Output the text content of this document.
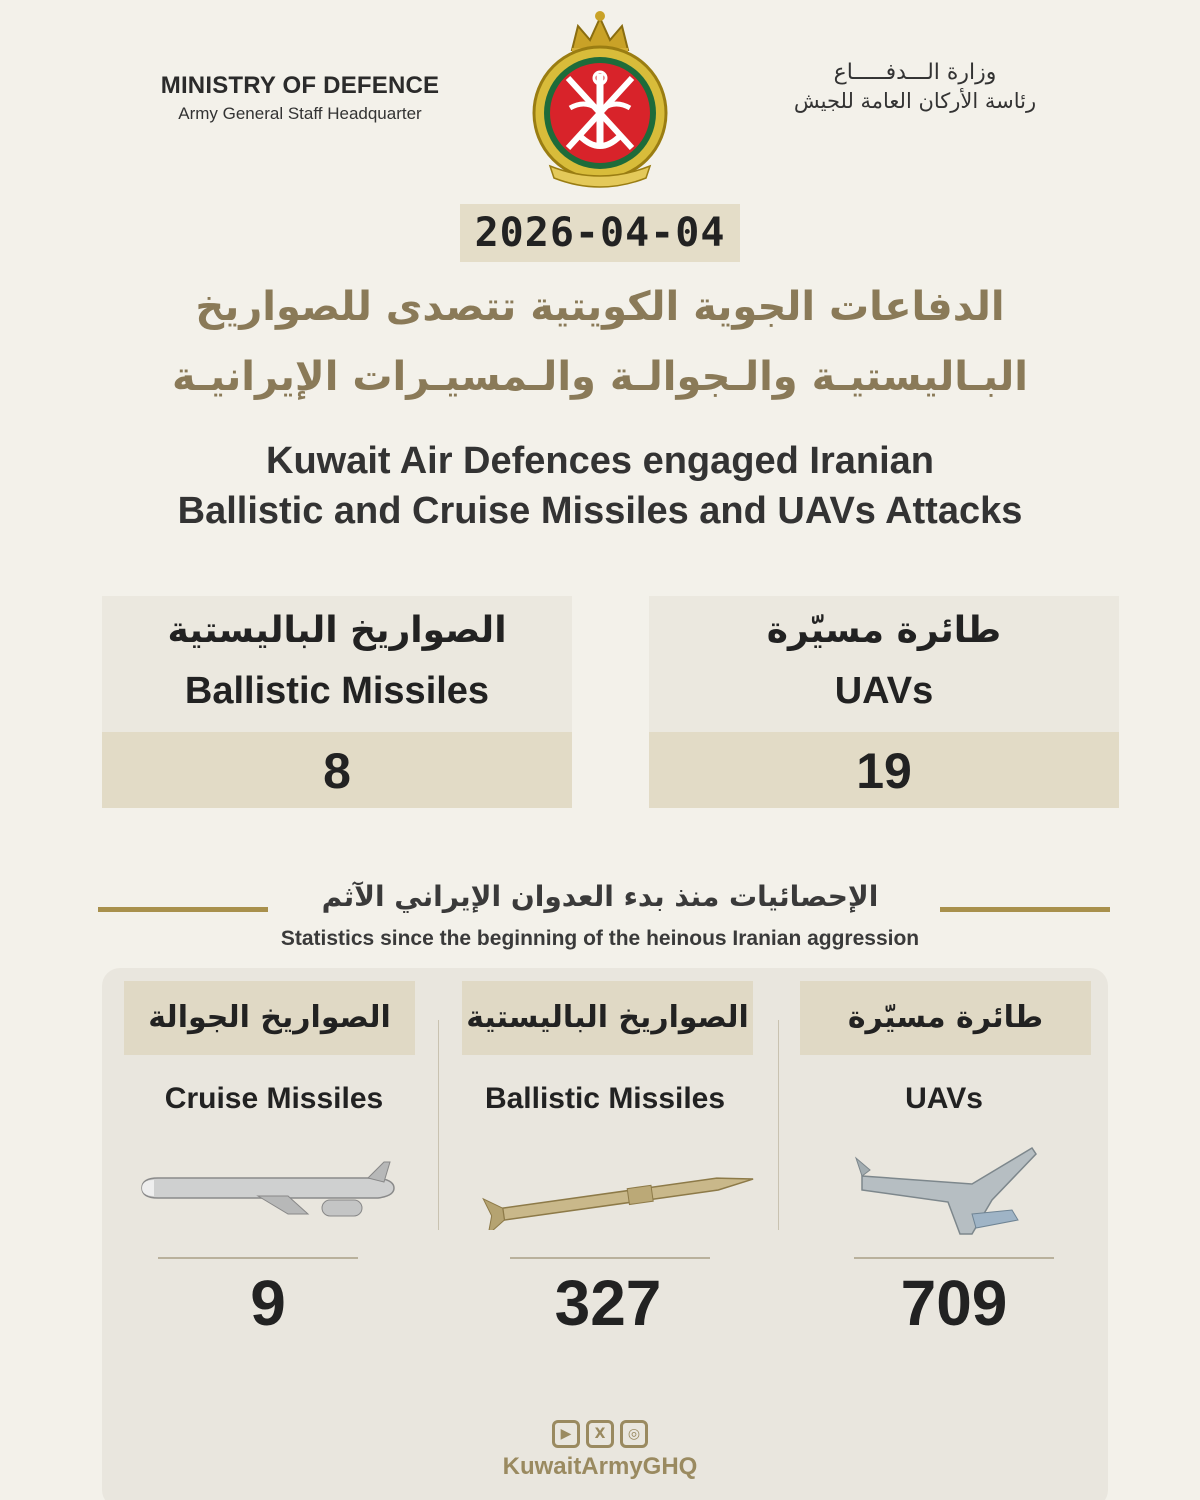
MINISTRY OF DEFENCE
Army General Staff Headquarter
وزارة الـــدفـــــاع
رئاسة الأركان العامة للجيش
2026-04-04
الدفاعات الجوية الكويتية تتصدى للصواريخ
البـاليستيـة والـجوالـة والـمسيـرات الإيرانيـة
Kuwait Air Defences engaged Iranian
Ballistic and Cruise Missiles and UAVs Attacks
الصواريخ الباليستية
Ballistic Missiles
8
طائرة مسيّرة
UAVs
19
الإحصائيات منذ بدء العدوان الإيراني الآثم
Statistics since the beginning of the heinous Iranian aggression
الصواريخ الجوالة	الصواريخ الباليستية	طائرة مسيّرة
Cruise Missiles	Ballistic Missiles	UAVs
9	327	709
▶	X	◎
KuwaitArmyGHQ
